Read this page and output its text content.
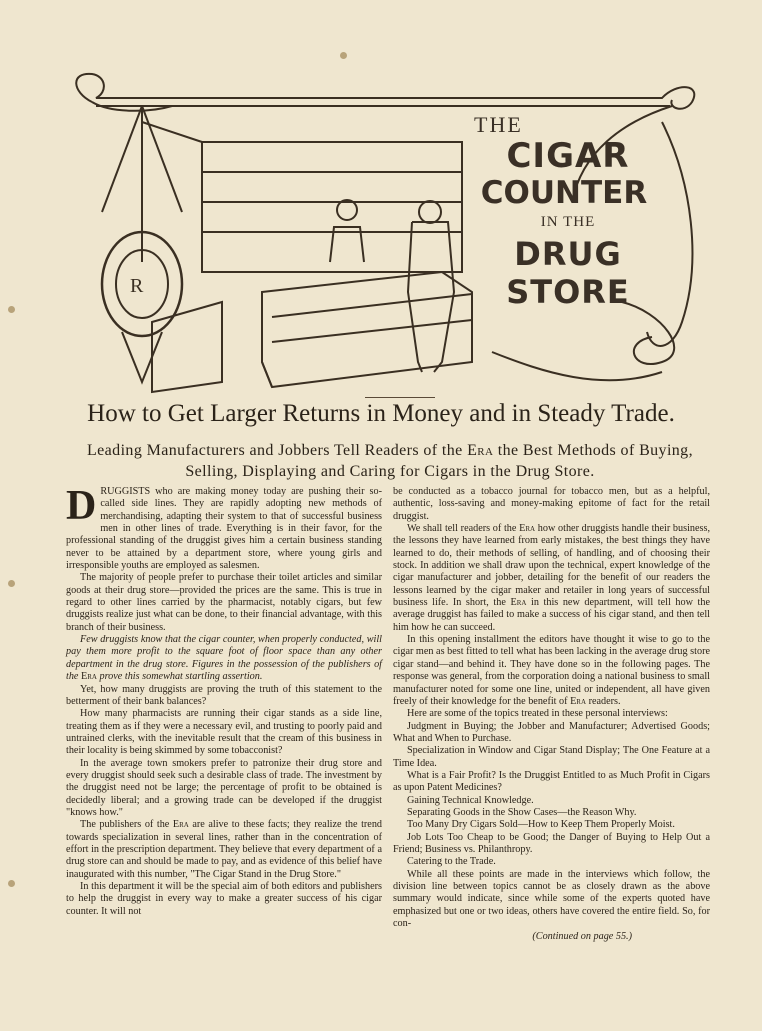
R
THE
CIGAR
COUNTER
IN THE
DRUG
STORE
How to Get Larger Returns in Money and in Steady Trade.
Leading Manufacturers and Jobbers Tell Readers of the Era the Best Methods of Buying, Selling, Displaying and Caring for Cigars in the Drug Store.

DRUGGISTS who are making money today are pushing their so-called side lines. They are rapidly adopting new methods of merchandising, adapting their system to that of successful business men in other lines of trade. Everything is in their favor, for the professional standing of the druggist gives him a certain business standing never to be attained by a department store, where young girls and irresponsible youths are employed as salesmen.

The majority of people prefer to purchase their toilet articles and similar goods at their drug store—provided the prices are the same. This is true in regard to other lines carried by the pharmacist, notably cigars, but few druggists realize just what can be done, to their financial advantage, with this branch of their business.

Few druggists know that the cigar counter, when properly conducted, will pay them more profit to the square foot of floor space than any other department in the drug store. Figures in the possession of the publishers of the Era prove this somewhat startling assertion.

Yet, how many druggists are proving the truth of this statement to the betterment of their bank balances?

How many pharmacists are running their cigar stands as a side line, treating them as if they were a necessary evil, and trusting to poorly paid and untrained clerks, with the inevitable result that the cream of this business in their locality is being skimmed by some tobacconist?

In the average town smokers prefer to patronize their drug store and every druggist should seek such a desirable class of trade. The investment by the druggist need not be large; the percentage of profit to be obtained is decidedly liberal; and a growing trade can be developed if the druggist "knows how."

The publishers of the Era are alive to these facts; they realize the trend towards specialization in several lines, rather than in the concentration of effort in the prescription department. They believe that every department of a drug store can and should be made to pay, and as evidence of this belief have inaugurated with this number, "The Cigar Stand in the Drug Store."

In this department it will be the special aim of both editors and publishers to help the druggist in every way to make a greater success of his cigar counter. It will not

be conducted as a tobacco journal for tobacco men, but as a helpful, authentic, loss-saving and money-making epitome of fact for the retail druggist.

We shall tell readers of the Era how other druggists handle their business, the lessons they have learned from early mistakes, the best things they have learned to do, their methods of selling, of handling, and of choosing their stock. In addition we shall draw upon the technical, expert knowledge of the cigar manufacturer and jobber, detailing for the benefit of our readers the lessons learned by the cigar maker and retailer in long years of successful business life. In short, the Era in this new department, will tell how the average druggist has failed to make a success of his cigar stand, and then tell him how he can succeed.

In this opening installment the editors have thought it wise to go to the cigar men as best fitted to tell what has been lacking in the average drug store cigar stand—and behind it. They have done so in the following pages. The response was general, from the corporation doing a national business to small manufacturer noted for some one line, united or independent, all have given freely of their knowledge for the benefit of Era readers.

Here are some of the topics treated in these personal interviews:

Judgment in Buying; the Jobber and Manufacturer; Advertised Goods; What and When to Purchase.

Specialization in Window and Cigar Stand Display; The One Feature at a Time Idea.

What is a Fair Profit? Is the Druggist Entitled to as Much Profit in Cigars as upon Patent Medicines?

Gaining Technical Knowledge.

Separating Goods in the Show Cases—the Reason Why.

Too Many Dry Cigars Sold—How to Keep Them Properly Moist.

Job Lots Too Cheap to be Good; the Danger of Buying to Help Out a Friend; Business vs. Philanthropy.

Catering to the Trade.

While all these points are made in the interviews which follow, the division line between topics cannot be as closely drawn as the above summary would indicate, since while some of the experts quoted have emphasized but one or two ideas, others have covered the entire field. So, for con-

(Continued on page 55.)
